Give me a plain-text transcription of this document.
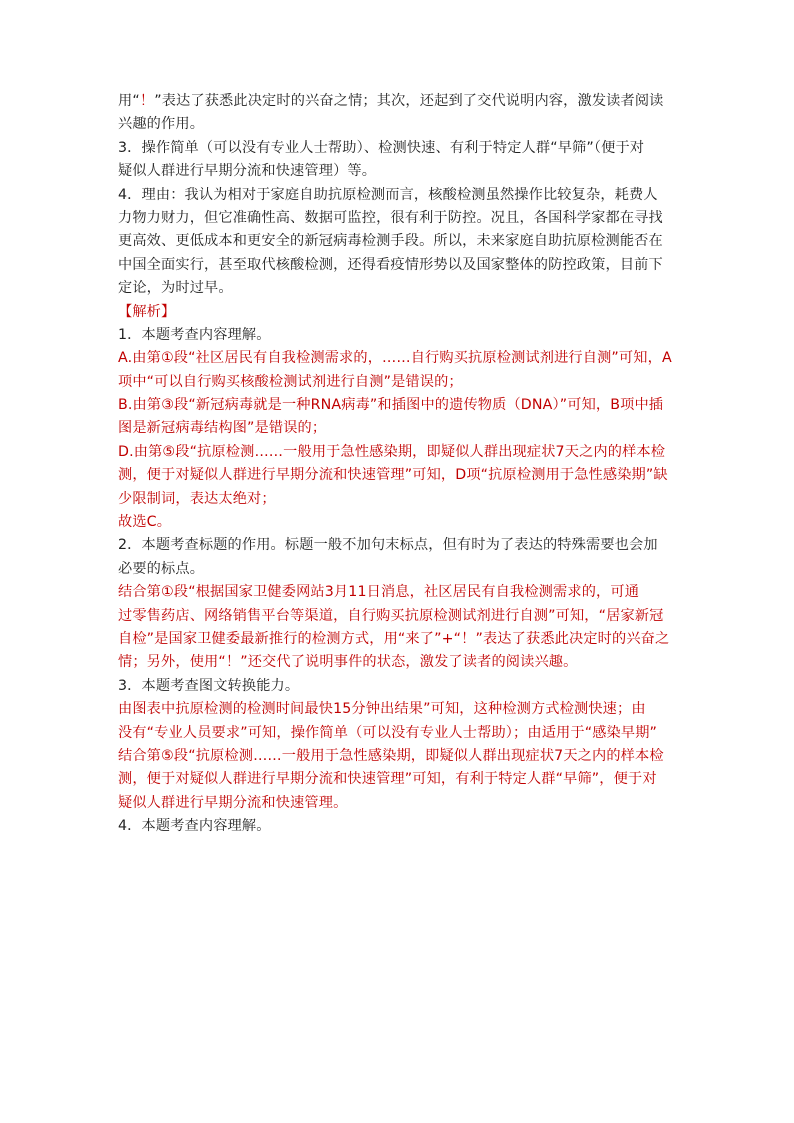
用“！”表达了获悉此决定时的兴奋之情；其次，还起到了交代说明内容，激发读者阅读
兴趣的作用。
3．操作简单（可以没有专业人士帮助）、检测快速、有利于特定人群“早筛”（便于对
疑似人群进行早期分流和快速管理）等。
4．理由：我认为相对于家庭自助抗原检测而言，核酸检测虽然操作比较复杂，耗费人
力物力财力，但它准确性高、数据可监控，很有利于防控。况且，各国科学家都在寻找
更高效、更低成本和更安全的新冠病毒检测手段。所以，未来家庭自助抗原检测能否在
中国全面实行，甚至取代核酸检测，还得看疫情形势以及国家整体的防控政策，目前下
定论，为时过早。
【解析】
1．本题考查内容理解。
A.由第①段“社区居民有自我检测需求的，……自行购买抗原检测试剂进行自测”可知，A
项中“可以自行购买核酸检测试剂进行自测”是错误的；
B.由第③段“新冠病毒就是一种RNA病毒”和插图中的遗传物质（DNA）”可知，B项中插
图是新冠病毒结构图”是错误的；
D.由第⑤段“抗原检测……一般用于急性感染期，即疑似人群出现症状7天之内的样本检
测，便于对疑似人群进行早期分流和快速管理”可知，D项“抗原检测用于急性感染期”缺
少限制词，表达太绝对；
故选C。
2．本题考查标题的作用。标题一般不加句末标点，但有时为了表达的特殊需要也会加
必要的标点。
结合第①段“根据国家卫健委网站3月11日消息，社区居民有自我检测需求的，可通
过零售药店、网络销售平台等渠道，自行购买抗原检测试剂进行自测”可知，“居家新冠
自检”是国家卫健委最新推行的检测方式，用“来了”+“！”表达了获悉此决定时的兴奋之
情；另外，使用“！”还交代了说明事件的状态，激发了读者的阅读兴趣。
3．本题考查图文转换能力。
由图表中抗原检测的检测时间最快15分钟出结果”可知，这种检测方式检测快速；由
没有“专业人员要求”可知，操作简单（可以没有专业人士帮助）；由适用于“感染早期”
结合第⑤段“抗原检测……一般用于急性感染期，即疑似人群出现症状7天之内的样本检
测，便于对疑似人群进行早期分流和快速管理”可知，有利于特定人群“早筛”，便于对
疑似人群进行早期分流和快速管理。
4．本题考查内容理解。
